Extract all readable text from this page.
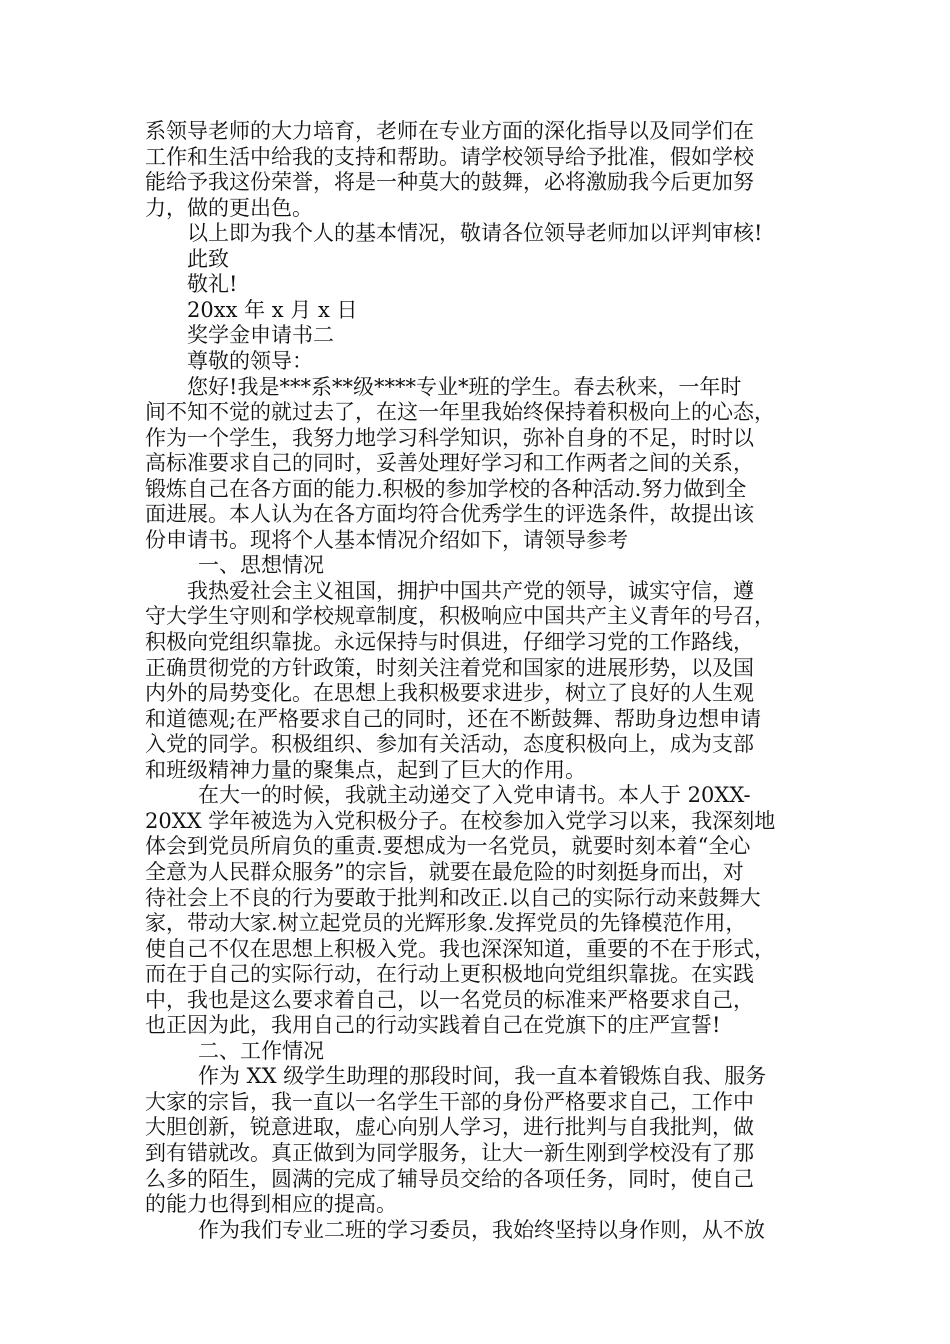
系领导老师的大力培育，老师在专业方面的深化指导以及同学们在
工作和生活中给我的支持和帮助。请学校领导给予批准，假如学校
能给予我这份荣誉，将是一种莫大的鼓舞，必将激励我今后更加努
力，做的更出色。
以上即为我个人的基本情况，敬请各位领导老师加以评判审核!
此致
敬礼!
20xx 年 x 月 x 日
奖学金申请书二
尊敬的领导：
您好!我是***系**级****专业*班的学生。春去秋来，一年时
间不知不觉的就过去了，在这一年里我始终保持着积极向上的心态，
作为一个学生，我努力地学习科学知识，弥补自身的不足，时时以
高标准要求自己的同时，妥善处理好学习和工作两者之间的关系，
锻炼自己在各方面的能力.积极的参加学校的各种活动.努力做到全
面进展。本人认为在各方面均符合优秀学生的评选条件，故提出该
份申请书。现将个人基本情况介绍如下，请领导参考
一、思想情况
我热爱社会主义祖国，拥护中国共产党的领导，诚实守信，遵
守大学生守则和学校规章制度，积极响应中国共产主义青年的号召，
积极向党组织靠拢。永远保持与时俱进，仔细学习党的工作路线，
正确贯彻党的方针政策，时刻关注着党和国家的进展形势，以及国
内外的局势变化。在思想上我积极要求进步，树立了良好的人生观
和道德观;在严格要求自己的同时，还在不断鼓舞、帮助身边想申请
入党的同学。积极组织、参加有关活动，态度积极向上，成为支部
和班级精神力量的聚集点，起到了巨大的作用。
在大一的时候，我就主动递交了入党申请书。本人于 20XX-
20XX 学年被选为入党积极分子。在校参加入党学习以来，我深刻地
体会到党员所肩负的重责.要想成为一名党员，就要时刻本着“全心
全意为人民群众服务”的宗旨，就要在最危险的时刻挺身而出，对
待社会上不良的行为要敢于批判和改正.以自己的实际行动来鼓舞大
家，带动大家.树立起党员的光辉形象.发挥党员的先锋模范作用，
使自己不仅在思想上积极入党。我也深深知道，重要的不在于形式，
而在于自己的实际行动，在行动上更积极地向党组织靠拢。在实践
中，我也是这么要求着自己，以一名党员的标准来严格要求自己，
也正因为此，我用自己的行动实践着自己在党旗下的庄严宣誓!
二、工作情况
作为 XX 级学生助理的那段时间，我一直本着锻炼自我、服务
大家的宗旨，我一直以一名学生干部的身份严格要求自己，工作中
大胆创新，锐意进取，虚心向别人学习，进行批判与自我批判，做
到有错就改。真正做到为同学服务，让大一新生刚到学校没有了那
么多的陌生，圆满的完成了辅导员交给的各项任务，同时，使自己
的能力也得到相应的提高。
作为我们专业二班的学习委员，我始终坚持以身作则，从不放
